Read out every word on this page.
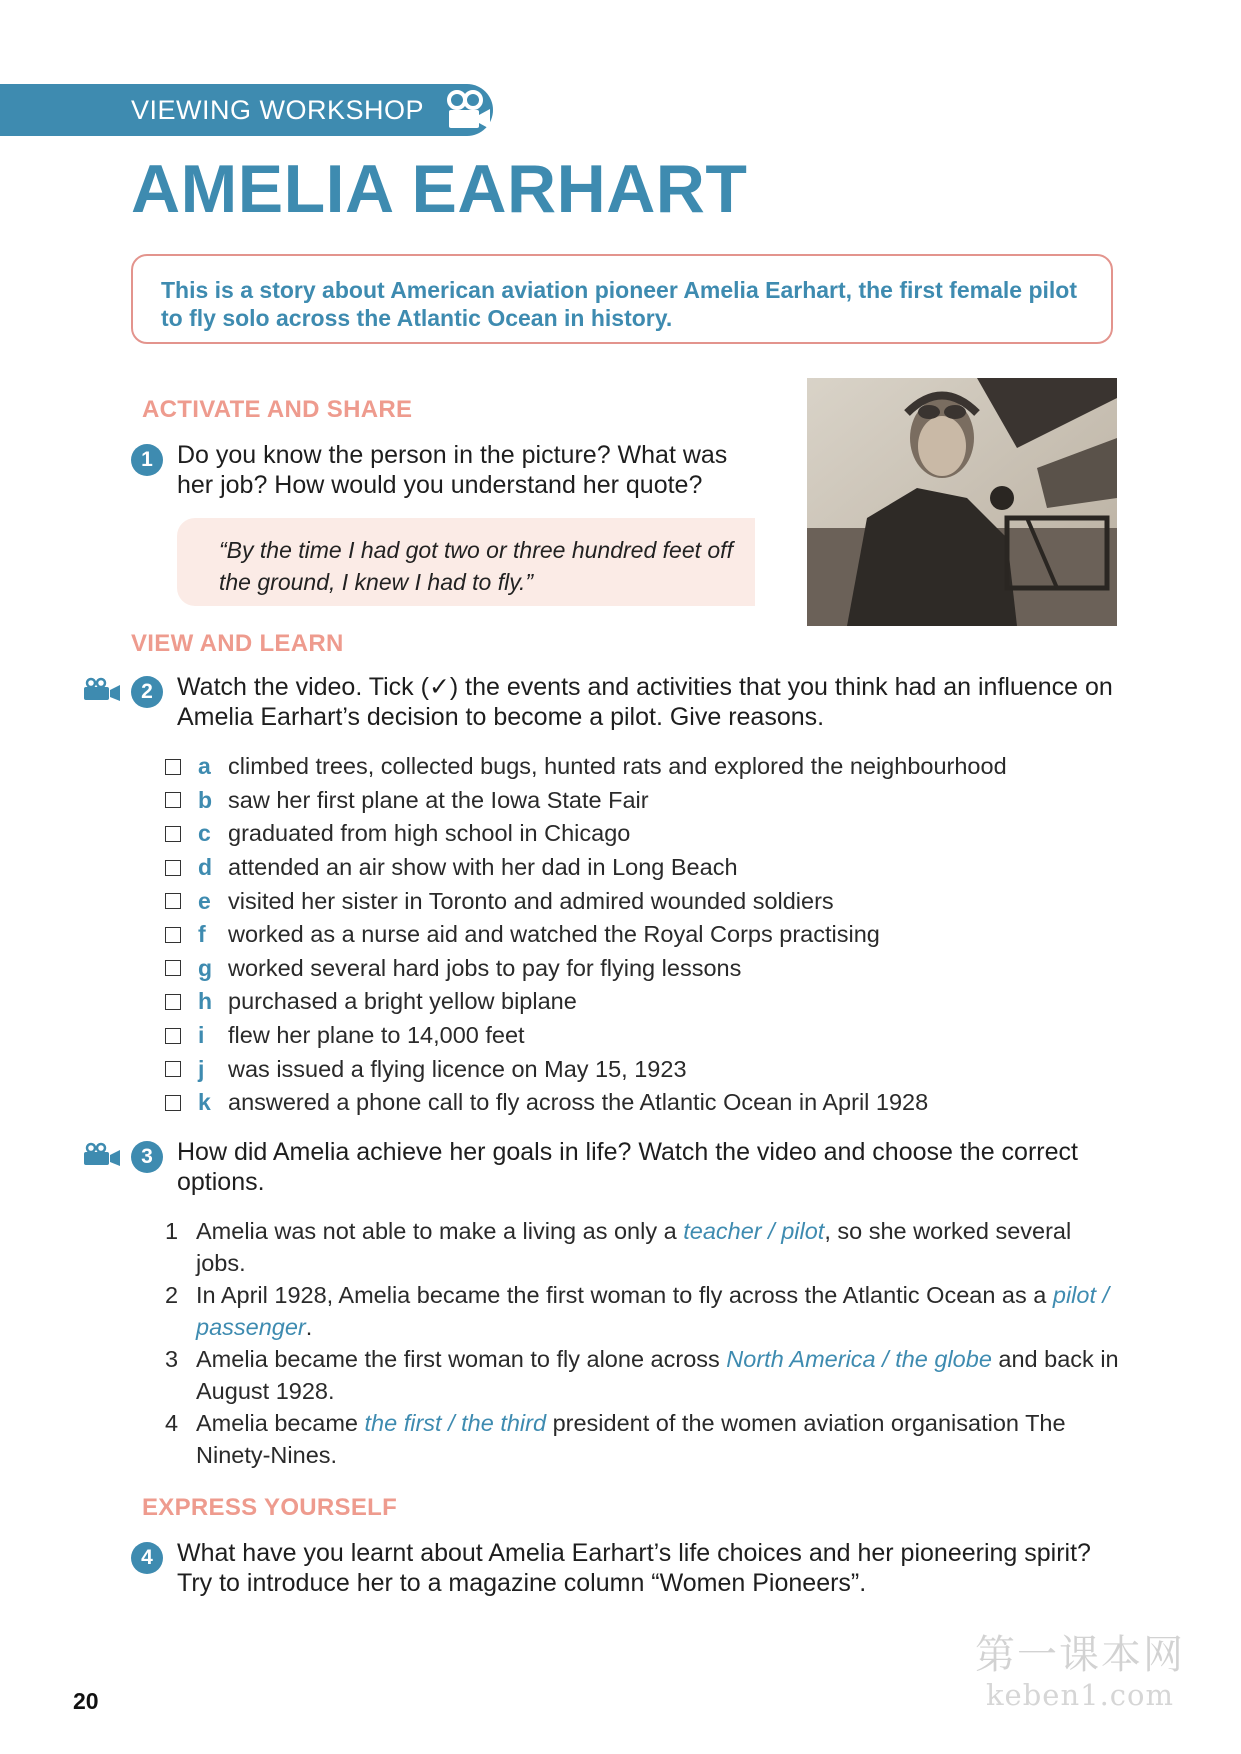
VIEWING WORKSHOP
AMELIA EARHART
This is a story about American aviation pioneer Amelia Earhart, the first female pilot to fly solo across the Atlantic Ocean in history.
ACTIVATE AND SHARE
1 Do you know the person in the picture? What was her job? How would you understand her quote?

“By the time I had got two or three hundred feet off the ground, I knew I had to fly.”
VIEW AND LEARN
2 Watch the video. Tick (✓) the events and activities that you think had an influence on Amelia Earhart’s decision to become a pilot. Give reasons.

a climbed trees, collected bugs, hunted rats and explored the neighbourhood
b saw her first plane at the Iowa State Fair
c graduated from high school in Chicago
d attended an air show with her dad in Long Beach
e visited her sister in Toronto and admired wounded soldiers
f worked as a nurse aid and watched the Royal Corps practising
g worked several hard jobs to pay for flying lessons
h purchased a bright yellow biplane
i	flew her plane to 14,000 feet
j	was issued a flying licence on May 15, 1923
k answered a phone call to fly across the Atlantic Ocean in April 1928
3 How did Amelia achieve her goals in life? Watch the video and choose the correct options.

1 Amelia was not able to make a living as only a teacher / pilot, so she worked several jobs.
2 In April 1928, Amelia became the first woman to fly across the Atlantic Ocean as a pilot / passenger.
3 Amelia became the first woman to fly alone across North America / the globe and back in August 1928.
4 Amelia became the first / the third president of the women aviation organisation The Ninety-Nines.
EXPRESS YOURSELF
4 What have you learnt about Amelia Earhart’s life choices and her pioneering spirit? Try to introduce her to a magazine column “Women Pioneers”.

20

第一课本网
keben1.com
